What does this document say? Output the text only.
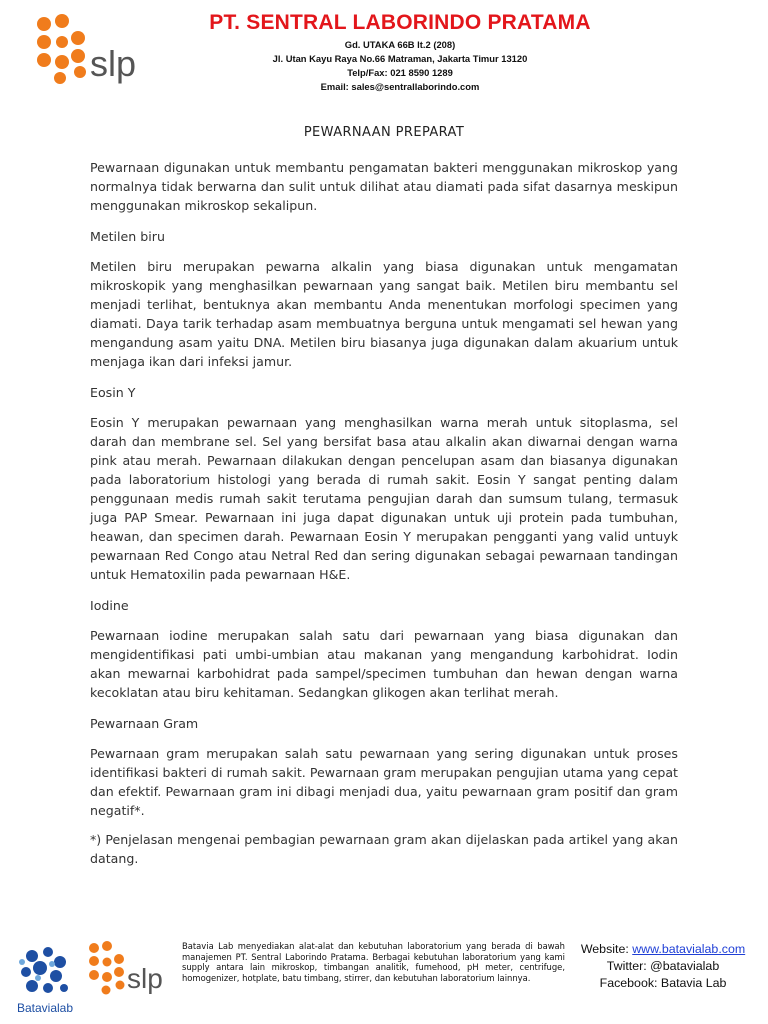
slp
PT. SENTRAL LABORINDO PRATAMA
Gd. UTAKA 66B lt.2 (208)
Jl. Utan Kayu Raya No.66 Matraman, Jakarta Timur 13120
Telp/Fax: 021 8590 1289
Email: sales@sentrallaborindo.com
PEWARNAAN PREPARAT

Pewarnaan digunakan untuk membantu pengamatan bakteri menggunakan mikroskop yang normalnya tidak berwarna dan sulit untuk dilihat atau diamati pada sifat dasarnya meskipun menggunakan mikroskop sekalipun.

Metilen biru

Metilen biru merupakan pewarna alkalin yang biasa digunakan untuk mengamatan mikroskopik yang menghasilkan pewarnaan yang sangat baik. Metilen biru membantu sel menjadi terlihat, bentuknya akan membantu Anda menentukan morfologi specimen yang diamati. Daya tarik terhadap asam membuatnya berguna untuk mengamati sel hewan yang mengandung asam yaitu DNA. Metilen biru biasanya juga digunakan dalam akuarium untuk menjaga ikan dari infeksi jamur.

Eosin Y

Eosin Y merupakan pewarnaan yang menghasilkan warna merah untuk sitoplasma, sel darah dan membrane sel. Sel yang bersifat basa atau alkalin akan diwarnai dengan warna pink atau merah. Pewarnaan dilakukan dengan pencelupan asam dan biasanya digunakan pada laboratorium histologi yang berada di rumah sakit. Eosin Y sangat penting dalam penggunaan medis rumah sakit terutama pengujian darah dan sumsum tulang, termasuk juga PAP Smear. Pewarnaan ini juga dapat digunakan untuk uji protein pada tumbuhan, heawan, dan specimen darah. Pewarnaan Eosin Y merupakan pengganti yang valid untuyk pewarnaan Red Congo atau Netral Red dan sering digunakan sebagai pewarnaan tandingan untuk Hematoxilin pada pewarnaan H&E.

Iodine

Pewarnaan iodine merupakan salah satu dari pewarnaan yang biasa digunakan dan mengidentifikasi pati umbi-umbian atau makanan yang mengandung karbohidrat. Iodin akan mewarnai karbohidrat pada sampel/specimen tumbuhan dan hewan dengan warna kecoklatan atau biru kehitaman. Sedangkan glikogen akan terlihat merah.

Pewarnaan Gram

Pewarnaan gram merupakan salah satu pewarnaan yang sering digunakan untuk proses identifikasi bakteri di rumah sakit. Pewarnaan gram merupakan pengujian utama yang cepat dan efektif. Pewarnaan gram ini dibagi menjadi dua, yaitu pewarnaan gram positif dan gram negatif*.

*) Penjelasan mengenai pembagian pewarnaan gram akan dijelaskan pada artikel yang akan datang.

Batavialab
slp
Batavia Lab menyediakan alat-alat dan kebutuhan laboratorium yang berada di bawah manajemen PT. Sentral Laborindo Pratama. Berbagai kebutuhan laboratorium yang kami supply antara lain mikroskop, timbangan analitik, fumehood, pH meter, centrifuge, homogenizer, hotplate, batu timbang, stirrer, dan kebutuhan laboratorium lainnya.
Website: www.batavialab.com
Twitter: @batavialab
Facebook: Batavia Lab
